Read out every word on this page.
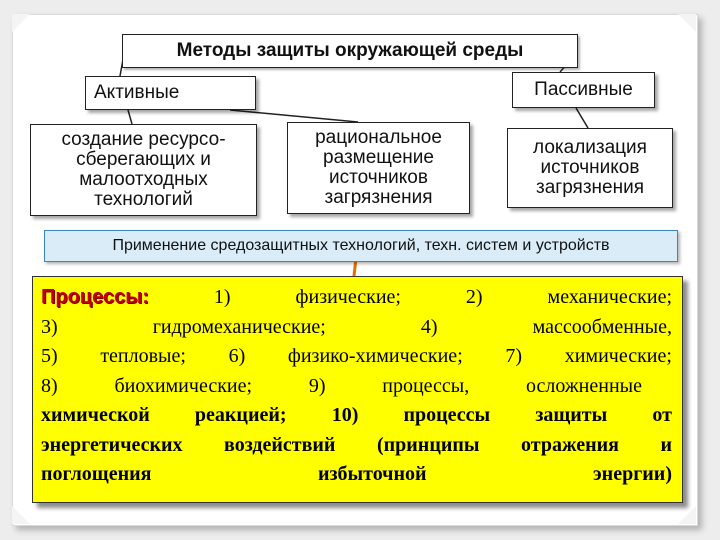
Методы защиты окружающей среды
Активные	Пассивные
создание ресурсо-
сберегающих и
малоотходных
технологий
рациональное
размещение
источников
загрязнения
локализация
источников
загрязнения
Применение средозащитных технологий, техн. систем и устройств
Процессы:	1)	физические;	2)	механические;
3)	гидромеханические;	4)	массообменные,
5) тепловые; 6) физико-химические; 7) химические;
8)	биохимические;	9)	процессы,	осложненные
химической реакцией; 10) процессы защиты от
энергетических воздействий (принципы отражения и
поглощения избыточной энергии)
